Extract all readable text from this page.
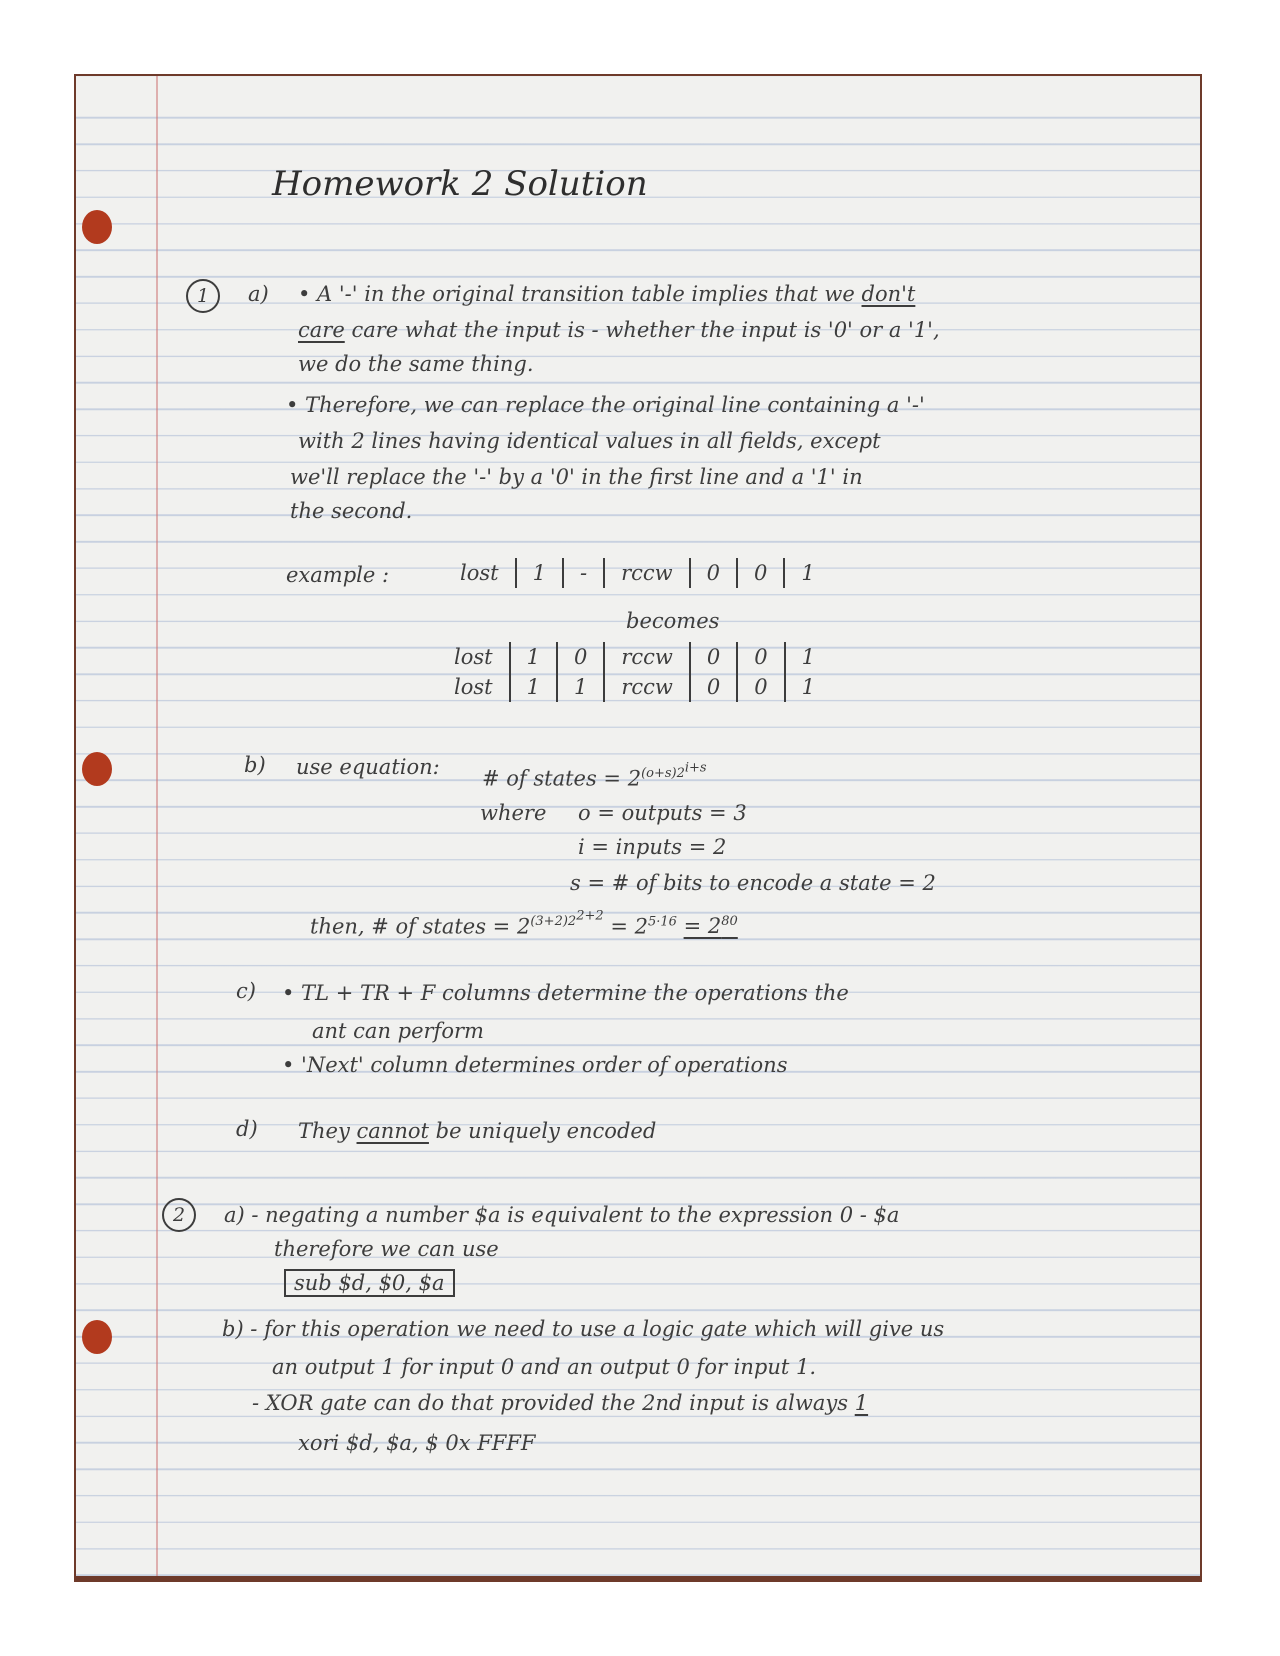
Homework 2 Solution

1	a) • A '-' in the original transition table implies that we don't

care care what the input is - whether the input is '0' or a '1',

we do the same thing.

• Therefore, we can replace the original line containing a '-'

with 2 lines having identical values in all fields, except

we'll replace the '-' by a '0' in the first line and a '1' in

the second.

example :	lost	1	-	rccw	0	0	1

becomes

lost	1	0	rccw	0	0	1
lost	1	1	rccw	0	0	1

b) use equation: # of states = $2^{(o+s)2^{i+s}}$

where o = outputs = 3

i = inputs = 2

s = # of bits to encode a state = 2

then, # of states = $2^{(3+2)2^{2+2}} = 2^{5\cdot 16} = 2^{80}$

c) • TL + TR + F columns determine the operations the

ant can perform

• 'Next' column determines order of operations

d) They cannot be uniquely encoded

2	a) - negating a number $a is equivalent to the expression 0 - $a

therefore we can use

sub $d, $0, $a

b) - for this operation we need to use a logic gate which will give us

an output 1 for input 0 and an output 0 for input 1.

- XOR gate can do that provided the 2nd input is always 1

xori $d, $a, $ 0x FFFF
